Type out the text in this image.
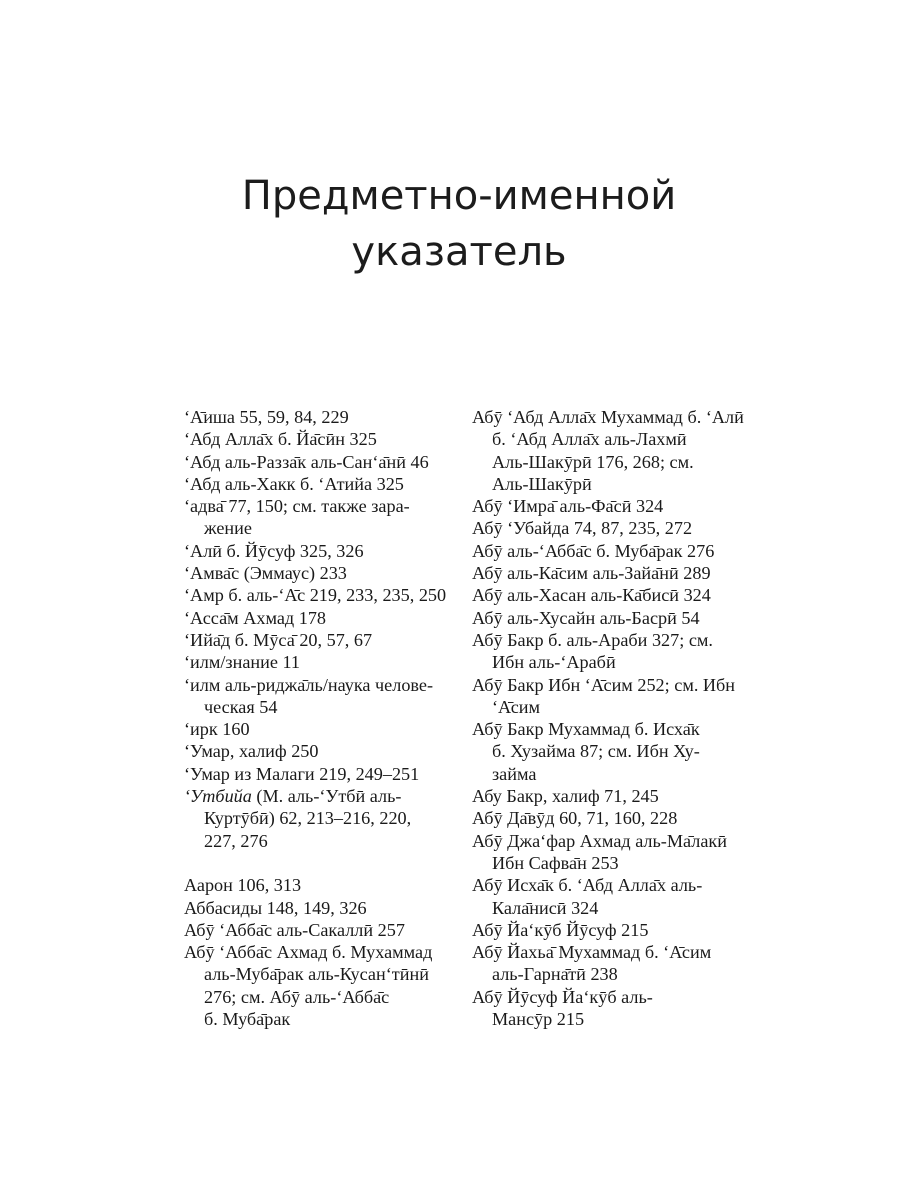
Предметно-именной
указатель
ʻА̄иша 55, 59, 84, 229
ʻАбд Алла̄х б. Йа̄сӣн 325
ʻАбд аль-Разза̄к аль-Санʻа̄нӣ 46
ʻАбд аль-Хакк б. ʻАтийа 325
ʻадва̄ 77, 150; см. также зара-
жение
ʻАлӣ б. Йӯсуф 325, 326
ʻАмва̄с (Эммаус) 233
ʻАмр б. аль-ʻА̄с 219, 233, 235, 250
ʻАсса̄м Ахмад 178
ʻИйа̄д б. Мӯса̄ 20, 57, 67
ʻилм/знание 11
ʻилм аль-риджа̄ль/наука челове-
ческая 54
ʻирк 160
ʻУмар, халиф 250
ʻУмар из Малаги 219, 249–251
ʻУтбийа (М. аль-ʻУтбӣ аль-
Куртӯбӣ) 62, 213–216, 220,
227, 276
Аарон 106, 313
Аббасиды 148, 149, 326
Абӯ ʻАбба̄с аль-Сакаллӣ 257
Абӯ ʻАбба̄с Ахмад б. Мухаммад
аль-Муба̄рак аль-Кусанʻтӣнӣ
276; см. Абӯ аль-ʻАбба̄с
б. Муба̄рак
Абӯ ʻАбд Алла̄х Мухаммад б. ʻАлӣ
б. ʻАбд Алла̄х аль-Лахмӣ
Аль-Шакӯрӣ 176, 268; см.
Аль-Шакӯрӣ
Абӯ ʻИмра̄ аль-Фа̄сӣ 324
Абӯ ʻУбайда 74, 87, 235, 272
Абӯ аль-ʻАбба̄с б. Муба̄рак 276
Абӯ аль-Ка̄сим аль-Зайа̄нӣ 289
Абӯ аль-Хасан аль-Ка̄бисӣ 324
Абӯ аль-Хусайн аль-Басрӣ 54
Абӯ Бакр б. аль-Араби 327; см.
Ибн аль-ʻАрабӣ
Абӯ Бакр Ибн ʻА̄сим 252; см. Ибн
ʻА̄сим
Абӯ Бакр Мухаммад б. Исха̄к
б. Хузайма 87; см. Ибн Ху-
займа
Абу Бакр, халиф 71, 245
Абӯ Да̄вӯд 60, 71, 160, 228
Абӯ Джаʻфар Ахмад аль-Ма̄лакӣ
Ибн Сафва̄н 253
Абӯ Исха̄к б. ʻАбд Алла̄х аль-
Кала̄нисӣ 324
Абӯ Йаʻкӯб Йӯсуф 215
Абӯ Йахьа̄ Мухаммад б. ʻА̄сим
аль-Гарна̄тӣ 238
Абӯ Йӯсуф Йаʻкӯб аль-
Мансӯр 215
